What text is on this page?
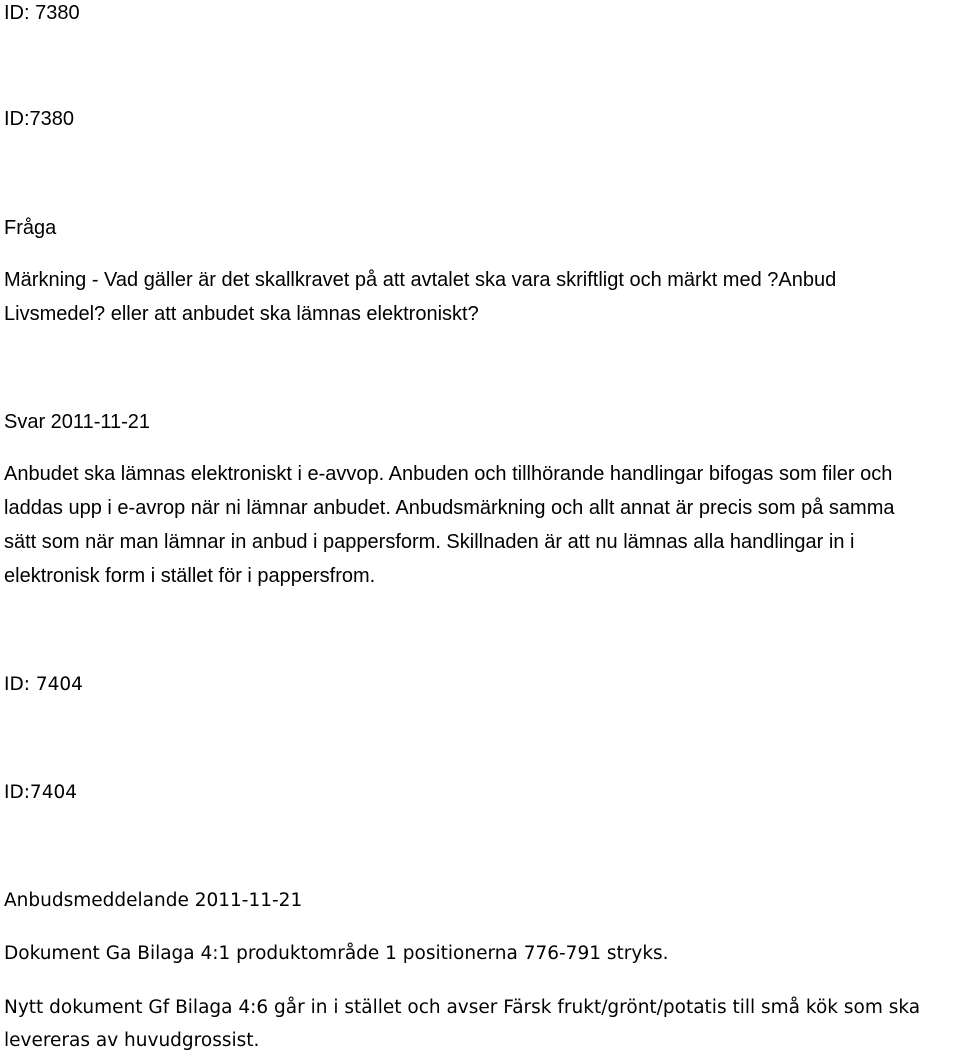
ID: 7380

ID:7380

Fråga

Märkning - Vad gäller är det skallkravet på att avtalet ska vara skriftligt och märkt med ?Anbud

Livsmedel? eller att anbudet ska lämnas elektroniskt?

Svar 2011-11-21

Anbudet ska lämnas elektroniskt i e-avvop. Anbuden och tillhörande handlingar bifogas som filer och

laddas upp i e-avrop när ni lämnar anbudet. Anbudsmärkning och allt annat är precis som på samma

sätt som när man lämnar in anbud i pappersform. Skillnaden är att nu lämnas alla handlingar in i

elektronisk form i stället för i pappersfrom.

ID: 7404

ID:7404

Anbudsmeddelande 2011-11-21

Dokument Ga Bilaga 4:1 produktområde 1 positionerna 776-791 stryks.

Nytt dokument Gf Bilaga 4:6 går in i stället och avser Färsk frukt/grönt/potatis till små kök som ska

levereras av huvudgrossist.
